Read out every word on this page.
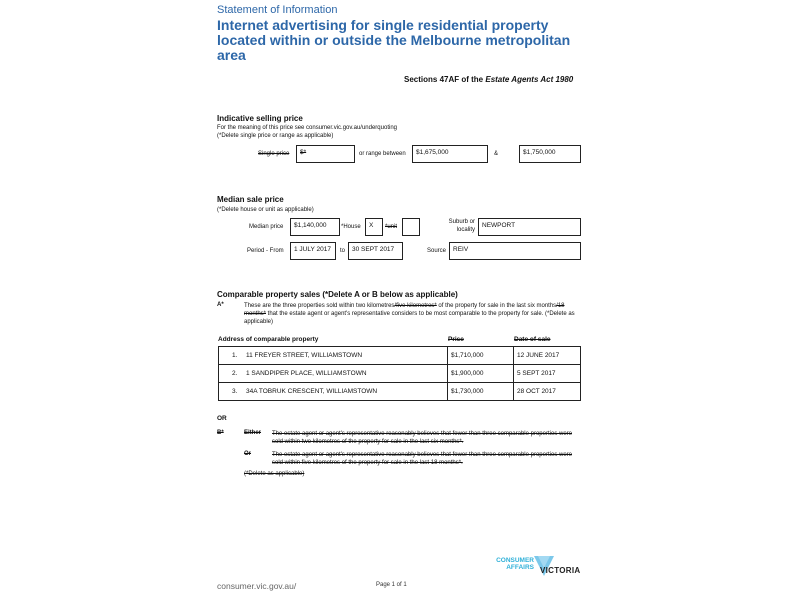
Statement of Information
Internet advertising for single residential property located within or outside the Melbourne metropolitan area
Sections 47AF of the Estate Agents Act 1980
Indicative selling price
For the meaning of this price see consumer.vic.gov.au/underquoting
(*Delete single price or range as applicable)
Single price	$*	or range between	$1,675,000	&	$1,750,000
Median sale price
(*Delete house or unit as applicable)
Median price	$1,140,000	*House	X	*unit
Suburb or locality
NEWPORT
Period - From	1 JULY 2017	to	30 SEPT 2017	Source	REIV
Comparable property sales (*Delete A or B below as applicable)
A*	These are the three properties sold within two kilometres/five kilometres* of the property for sale in the last six months/18 months* that the estate agent or agent's representative considers to be most comparable to the property for sale. (*Delete as applicable)
Address of comparable property	Price	Date of sale
1. 11 FREYER STREET, WILLIAMSTOWN	$1,710,000	12 JUNE 2017
2. 1 SANDPIPER PLACE, WILLIAMSTOWN	$1,900,000	5 SEPT 2017
3. 34A TOBRUK CRESCENT, WILLIAMSTOWN	$1,730,000	28 OCT 2017
OR
B*	Either The estate agent or agent's representative reasonably believes that fewer than three comparable properties were sold within two kilometres of the property for sale in the last six months*.
Or	The estate agent or agent's representative reasonably believes that fewer than three comparable properties were sold within five kilometres of the property for sale in the last 18 months*.
(*Delete as applicable)
CONSUMER
AFFAIRS VICTORIA
consumer.vic.gov.au/	Page 1 of 1
